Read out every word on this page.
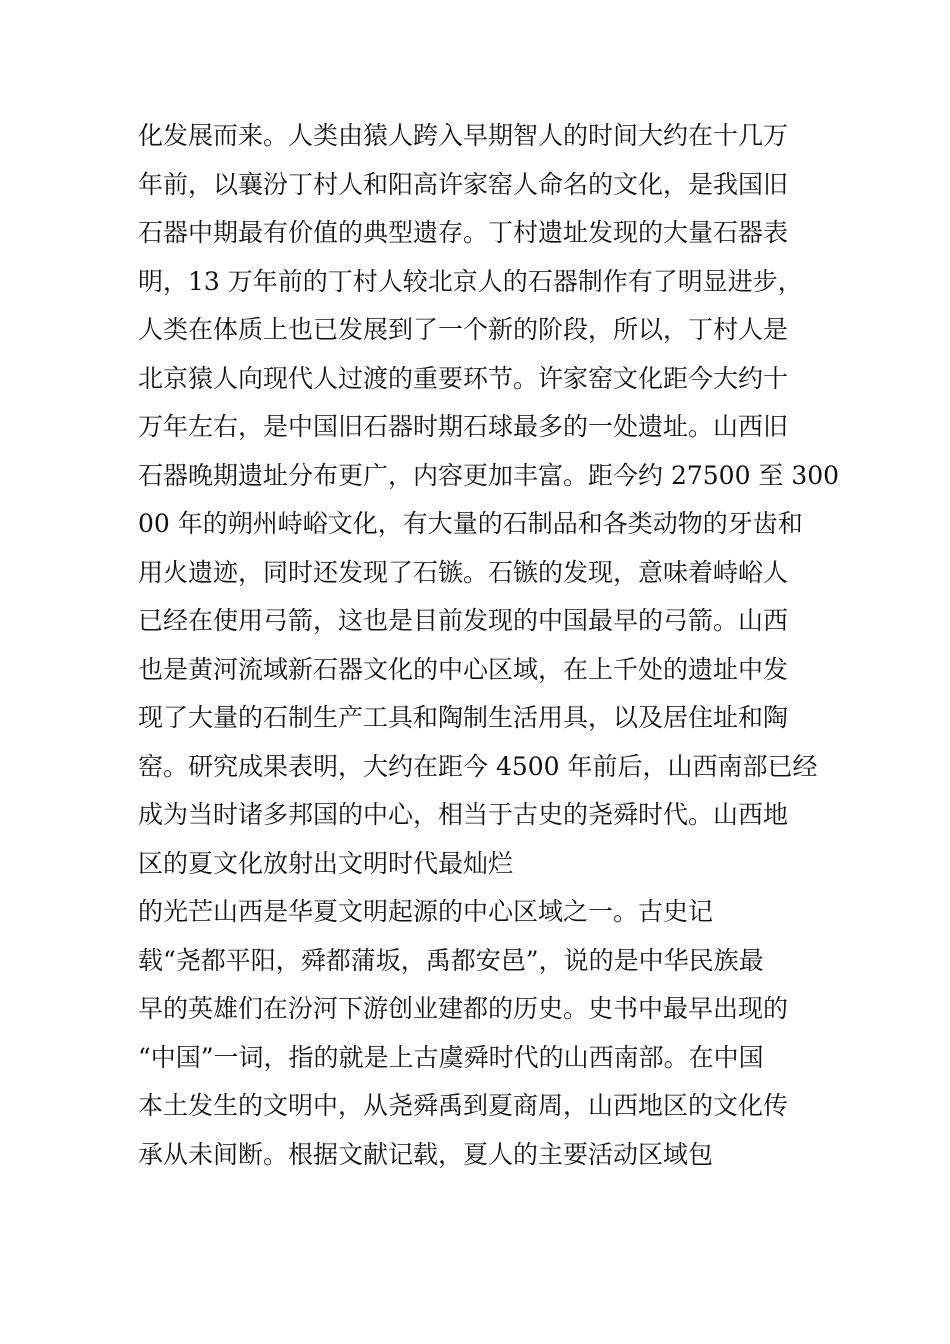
化发展而来。人类由猿人跨入早期智人的时间大约在十几万
年前，以襄汾丁村人和阳高许家窑人命名的文化，是我国旧
石器中期最有价值的典型遗存。丁村遗址发现的大量石器表
明，13 万年前的丁村人较北京人的石器制作有了明显进步，
人类在体质上也已发展到了一个新的阶段，所以，丁村人是
北京猿人向现代人过渡的重要环节。许家窑文化距今大约十
万年左右，是中国旧石器时期石球最多的一处遗址。山西旧
石器晚期遗址分布更广，内容更加丰富。距今约 27500 至 300
00 年的朔州峙峪文化，有大量的石制品和各类动物的牙齿和
用火遗迹，同时还发现了石镞。石镞的发现，意味着峙峪人
已经在使用弓箭，这也是目前发现的中国最早的弓箭。山西
也是黄河流域新石器文化的中心区域，在上千处的遗址中发
现了大量的石制生产工具和陶制生活用具，以及居住址和陶
窑。研究成果表明，大约在距今 4500 年前后，山西南部已经
成为当时诸多邦国的中心，相当于古史的尧舜时代。山西地
区的夏文化放射出文明时代最灿烂
的光芒山西是华夏文明起源的中心区域之一。古史记
载“尧都平阳，舜都蒲坂，禹都安邑”，说的是中华民族最
早的英雄们在汾河下游创业建都的历史。史书中最早出现的
“中国”一词，指的就是上古虞舜时代的山西南部。在中国
本土发生的文明中，从尧舜禹到夏商周，山西地区的文化传
承从未间断。根据文献记载，夏人的主要活动区域包
